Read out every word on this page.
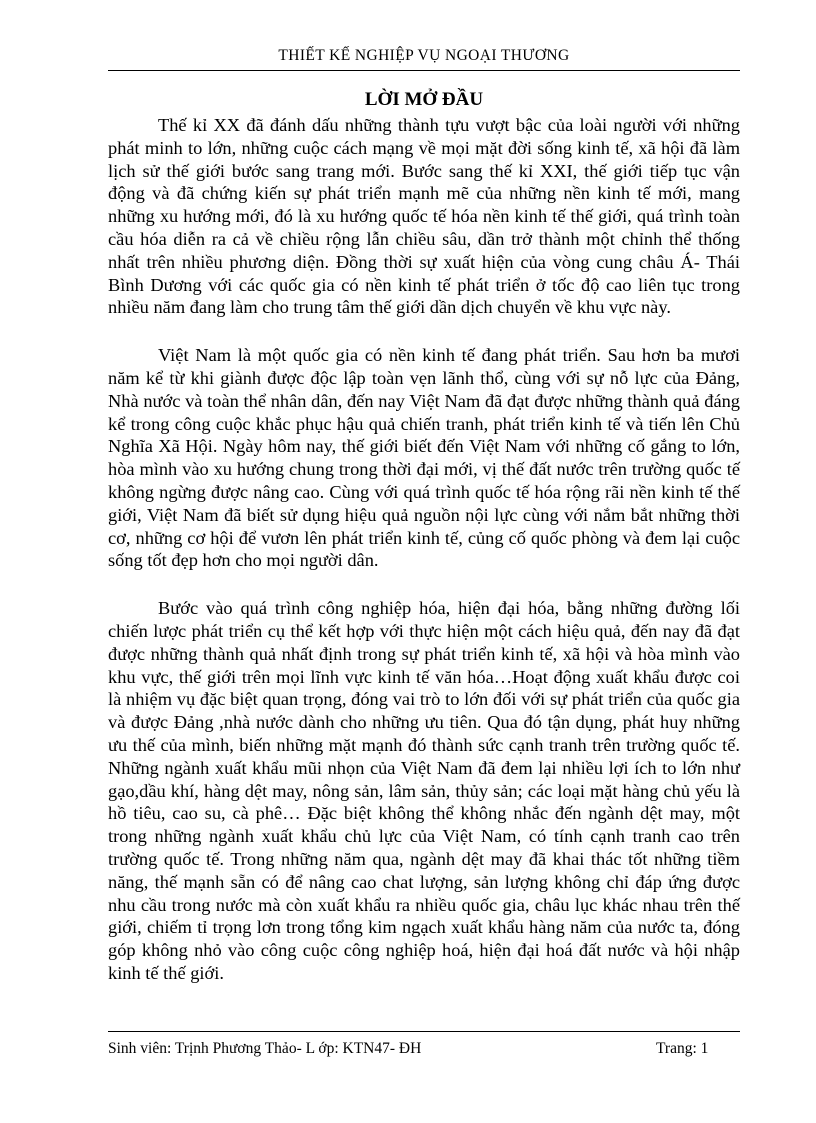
THIẾT KẾ NGHIỆP VỤ NGOẠI THƯƠNG
LỜI MỞ ĐẦU

Thế kỉ XX đã đánh dấu những thành tựu vượt bậc của loài người với những phát minh to lớn, những cuộc cách mạng về mọi mặt đời sống kinh tế, xã hội đã làm lịch sử thế giới bước sang trang mới. Bước sang thế kỉ XXI, thế giới tiếp tục vận động và đã chứng kiến sự phát triển mạnh mẽ của những nền kinh tế mới, mang những xu hướng mới, đó là xu hướng quốc tế hóa nền kinh tế thế giới, quá trình toàn cầu hóa diễn ra cả về chiều rộng lẫn chiều sâu, dần trở thành một chỉnh thể thống nhất trên nhiều phương diện. Đồng thời sự xuất hiện của vòng cung châu Á- Thái Bình Dương với các quốc gia có nền kinh tế phát triển ở tốc độ cao liên tục trong nhiều năm đang làm cho trung tâm thế giới dần dịch chuyển về khu vực này.

Việt Nam là một quốc gia có nền kinh tế đang phát triển. Sau hơn ba mươi năm kể từ khi giành được độc lập toàn vẹn lãnh thổ, cùng với sự nỗ lực của Đảng, Nhà nước và toàn thể nhân dân, đến nay Việt Nam đã đạt được những thành quả đáng kể trong công cuộc khắc phục hậu quả chiến tranh, phát triển kinh tế và tiến lên Chủ Nghĩa Xã Hội. Ngày hôm nay, thế giới biết đến Việt Nam với những cố gắng to lớn, hòa mình vào xu hướng chung trong thời đại mới, vị thế đất nước trên trường quốc tế không ngừng được nâng cao. Cùng với quá trình quốc tế hóa rộng rãi nền kinh tế thế giới, Việt Nam đã biết sử dụng hiệu quả nguồn nội lực cùng với nắm bắt những thời cơ, những cơ hội để vươn lên phát triển kinh tế, củng cố quốc phòng và đem lại cuộc sống tốt đẹp hơn cho mọi người dân.

Bước vào quá trình công nghiệp hóa, hiện đại hóa, bằng những đường lối chiến lược phát triển cụ thể kết hợp với thực hiện một cách hiệu quả, đến nay đã đạt được những thành quả nhất định trong sự phát triển kinh tế, xã hội và hòa mình vào khu vực, thế giới trên mọi lĩnh vực kinh tế văn hóa…Hoạt động xuất khẩu được coi là nhiệm vụ đặc biệt quan trọng, đóng vai trò to lớn đối với sự phát triển của quốc gia và được Đảng ,nhà nước dành cho những ưu tiên. Qua đó tận dụng, phát huy những ưu thế của mình, biến những mặt mạnh đó thành sức cạnh tranh trên trường quốc tế. Những ngành xuất khẩu mũi nhọn của Việt Nam đã đem lại nhiều lợi ích to lớn như gạo,dầu khí, hàng dệt may, nông sản, lâm sản, thủy sản; các loại mặt hàng chủ yếu là hồ tiêu, cao su, cà phê… Đặc biệt không thể không nhắc đến ngành dệt may, một trong những ngành xuất khẩu chủ lực của Việt Nam, có tính cạnh tranh cao trên trường quốc tế. Trong những năm qua, ngành dệt may đã khai thác tốt những tiềm năng, thế mạnh sẵn có để nâng cao chat lượng, sản lượng không chỉ đáp ứng được nhu cầu trong nước mà còn xuất khẩu ra nhiều quốc gia, châu lục khác nhau trên thế giới, chiếm tỉ trọng lơn trong tổng kim ngạch xuất khẩu hàng năm của nước ta, đóng góp không nhỏ vào công cuộc công nghiệp hoá, hiện đại hoá đất nước và hội nhập kinh tế thế giới.

Sinh viên: Trịnh Phương Thảo- L ớp: KTN47- ĐH	Trang: 1
